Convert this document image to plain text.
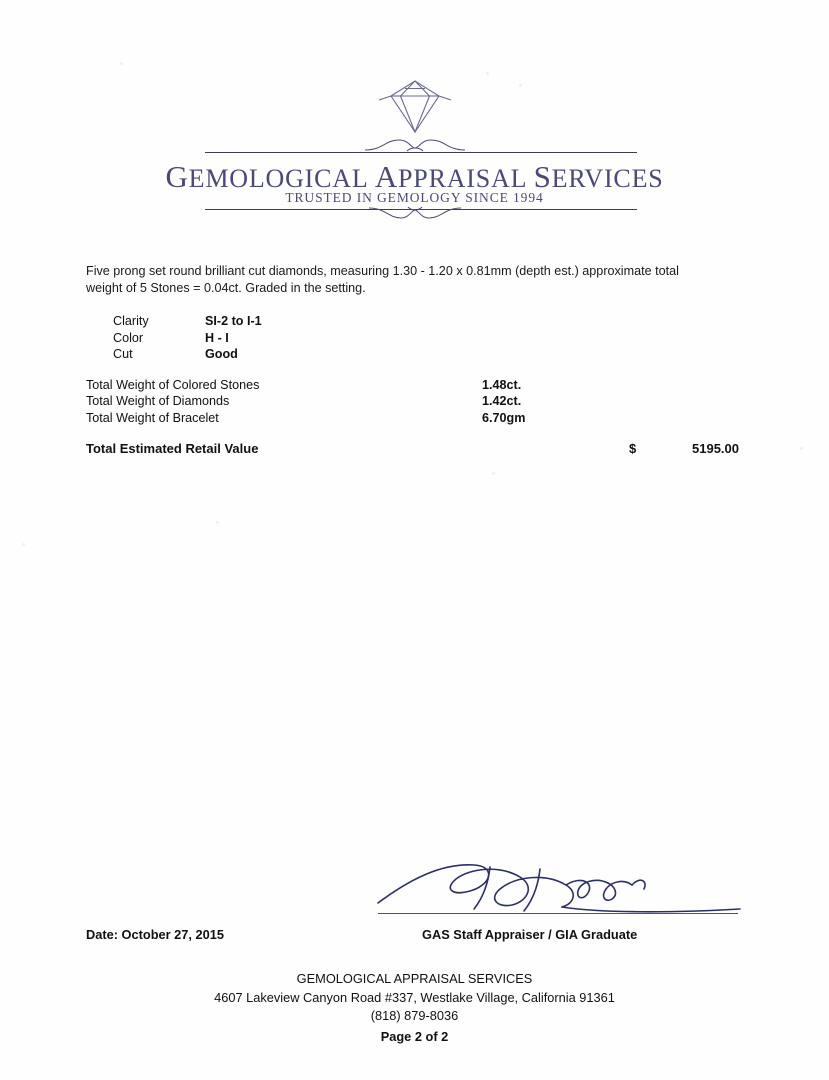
GEMOLOGICAL APPRAISAL SERVICES
TRUSTED IN GEMOLOGY SINCE 1994
Five prong set round brilliant cut diamonds, measuring 1.30 - 1.20 x 0.81mm (depth est.) approximate total weight of 5 Stones = 0.04ct. Graded in the setting.
Clarity	SI-2 to I-1
Color	H - I
Cut	Good
Total Weight of Colored Stones	1.48ct.
Total Weight of Diamonds	1.42ct.
Total Weight of Bracelet	6.70gm
Total Estimated Retail Value	$	5195.00
Date: October 27, 2015	GAS Staff Appraiser / GIA Graduate
GEMOLOGICAL APPRAISAL SERVICES
4607 Lakeview Canyon Road #337, Westlake Village, California 91361
(818) 879-8036
Page 2 of 2
